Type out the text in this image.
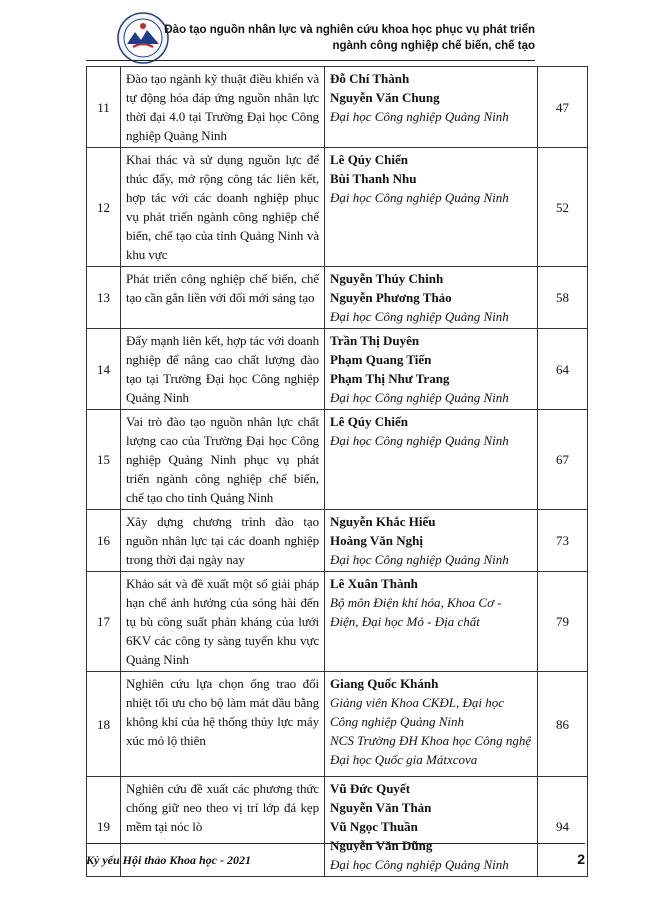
Đào tạo nguồn nhân lực và nghiên cứu khoa học phục vụ phát triển
ngành công nghiệp chế biến, chế tạo
11	Đào tạo ngành kỹ thuật điều khiển và tự động hóa đáp ứng nguồn nhân lực thời đại 4.0 tại Trường Đại học Công nghiệp Quảng Ninh	Đỗ Chí Thành
Nguyễn Văn Chung
Đại học Công nghiệp Quảng Ninh	47
12	Khai thác và sử dụng nguồn lực để thúc đẩy, mở rộng công tác liên kết, hợp tác với các doanh nghiệp phục vụ phát triển ngành công nghiệp chế biến, chế tạo của tỉnh Quảng Ninh và khu vực	Lê Qúy Chiến
Bùi Thanh Nhu
Đại học Công nghiệp Quảng Ninh	52
13	Phát triển công nghiệp chế biến, chế tạo cần gắn liền với đổi mới sáng tạo	Nguyễn Thúy Chinh
Nguyễn Phương Thảo
Đại học Công nghiệp Quảng Ninh	58
14	Đẩy mạnh liên kết, hợp tác với doanh nghiệp để nâng cao chất lượng đào tạo tại Trường Đại học Công nghiệp Quảng Ninh	Trần Thị Duyên
Phạm Quang Tiến
Phạm Thị Như Trang
Đại học Công nghiệp Quảng Ninh	64
15	Vai trò đào tạo nguồn nhân lực chất lượng cao của Trường Đại học Công nghiệp Quảng Ninh phục vụ phát triển ngành công nghiệp chế biến, chế tạo cho tỉnh Quảng Ninh	Lê Qúy Chiến
Đại học Công nghiệp Quảng Ninh	67
16	Xây dựng chương trình đào tạo nguồn nhân lực tại các doanh nghiệp trong thời đại ngày nay	Nguyễn Khắc Hiếu
Hoàng Văn Nghị
Đại học Công nghiệp Quảng Ninh	73
17	Khảo sát và đề xuất một số giải pháp hạn chế ảnh hưởng của sóng hài đến tụ bù công suất phản kháng của lưới 6KV các công ty sàng tuyển khu vực Quảng Ninh	Lê Xuân Thành
Bộ môn Điện khí hóa, Khoa Cơ - Điện, Đại học Mỏ - Địa chất	79
18	Nghiên cứu lựa chọn ống trao đổi nhiệt tối ưu cho bộ làm mát dầu bằng không khí của hệ thống thủy lực máy xúc mỏ lộ thiên	Giang Quốc Khánh
Giảng viên Khoa CKĐL, Đại học Công nghiệp Quảng Ninh
NCS Trường ĐH Khoa học Công nghệ Đại học Quốc gia Mátxcova	86
19	Nghiên cứu đề xuất các phương thức chống giữ neo theo vị trí lớp đá kẹp mềm tại nóc lò	Vũ Đức Quyết
Nguyễn Văn Thản
Vũ Ngọc Thuần
Nguyễn Văn Dũng
Đại học Công nghiệp Quảng Ninh	94
Kỷ yếu Hội thảo Khoa học - 2021	2
